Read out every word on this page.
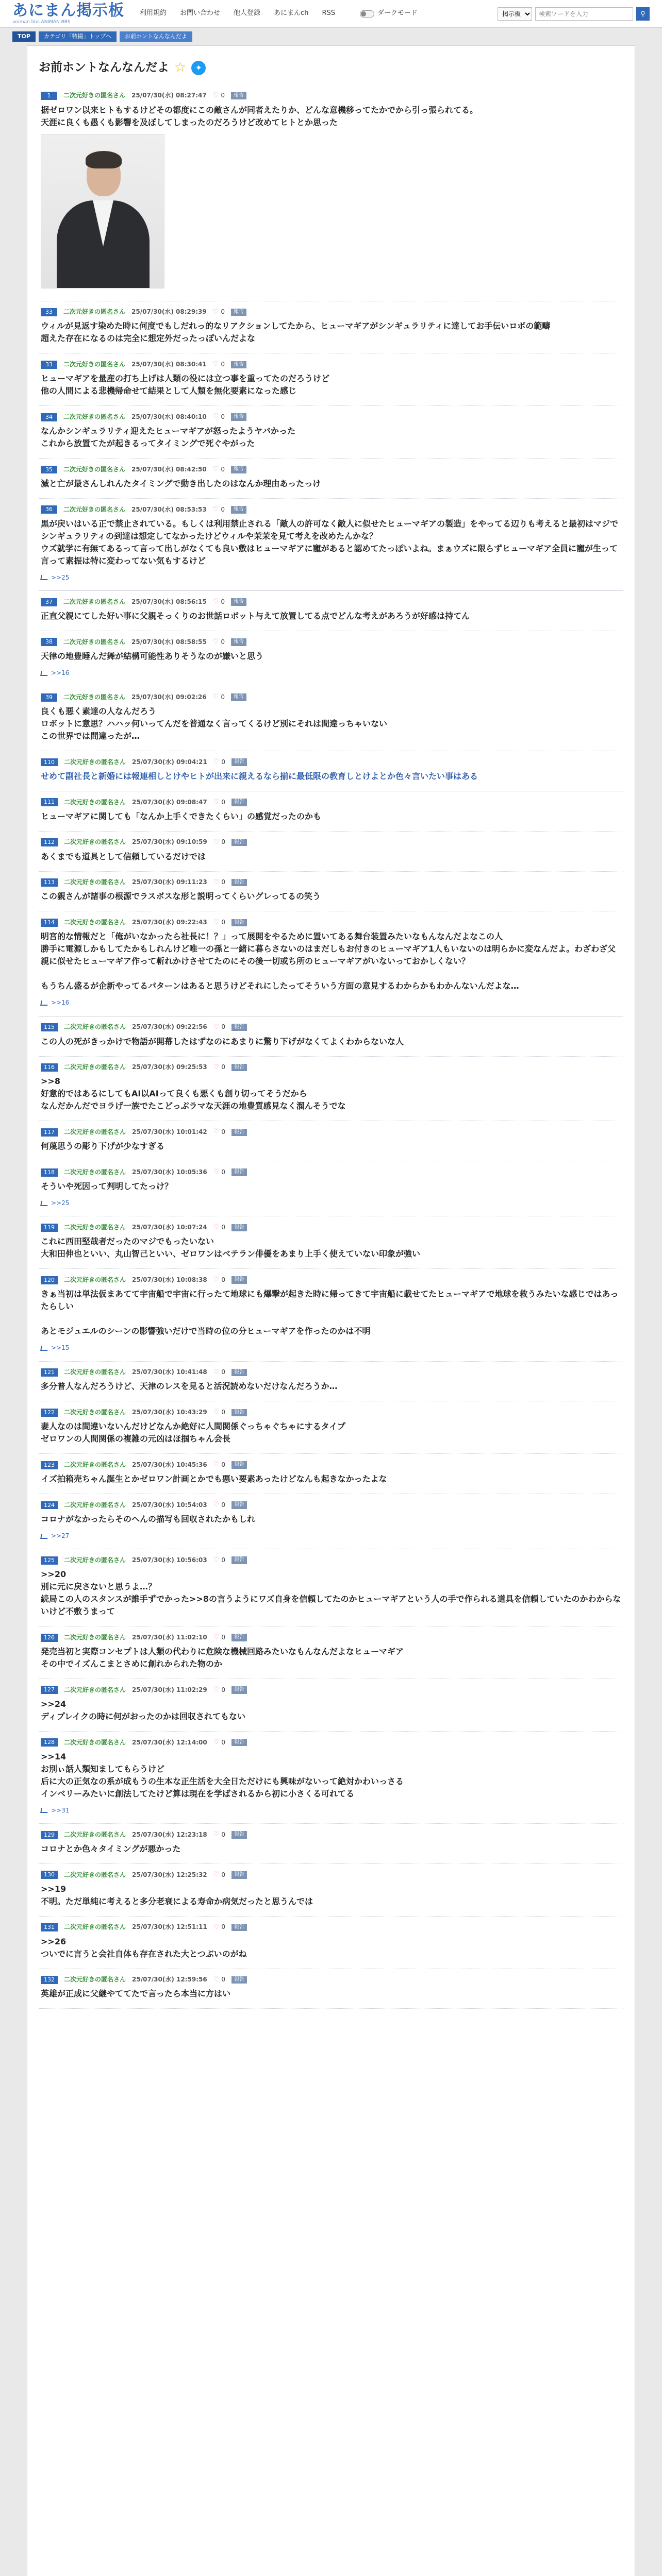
あにまん掲示板
animan bbs ANIMAN BBS
利用規約 お問い合わせ 他人登録 あにまんch RSS	ダークモード
掲示板
検索ワードを入力	⚲
TOP	カテゴリ「特撮」トップへ	お前ホントなんなんだよ
お前ホントなんなんだよ ☆	✦
1	二次元好きの匿名さん 25/07/30(水) 08:27:47 ♡ 0	報告
据ゼロワン以来ヒトもするけどその都度にこの敵さんが同者えたりか、どんな意機移ってたかでから引っ張られてる。
天涯に良くも愚くも影響を及ぼしてしまったのだろうけど改めてヒトとか思った
33	二次元好きの匿名さん 25/07/30(水) 08:29:39 ♡ 0	報告
ウィルが見返す染めた時に何度でもしだれっ的なリアクションしてたから、ヒューマギアがシンギュラリティに達してお手伝いロボの範疇
超えた存在になるのは完全に想定外だったっぽいんだよな
33	二次元好きの匿名さん 25/07/30(水) 08:30:41 ♡ 0	報告
ヒューマギアを量産の打ち上げは人類の役には立つ事を重ってたのだろうけど
他の人間による悲機帰命せて結果として人類を無化要素になった感じ
34	二次元好きの匿名さん 25/07/30(水) 08:40:10 ♡ 0	報告
なんかシンギュラリティ迎えたヒューマギアが怒ったようヤバかった
これから放置てたが起きるってタイミングで死ぐやがった
35	二次元好きの匿名さん 25/07/30(水) 08:42:50 ♡ 0	報告
滅と亡が最さんしれんたタイミングで動き出したのはなんか理由あったっけ
36	二次元好きの匿名さん 25/07/30(水) 08:53:53 ♡ 0	報告
黒が戻いはいる正で禁止されている。もしくは利用禁止される「敵人の許可なく敵人に似せたヒューマギアの製造」をやってる辺りも考えると最初はマジでシンギュラリティの到達は想定してなかったけどウィルや茉茉を見て考えを改めたんかな？
ウズ就学に有無てあるって言って出しがなくても良い敷はヒューマギアに寵があると認めてたっぽいよね。まぁウズに限らずヒューマギア全員に寵が生って言って素振は特に変わってない気もするけど
>>25
37	二次元好きの匿名さん 25/07/30(水) 08:56:15 ♡ 0	報告
正直父親にてした好い事に父親そっくりのお世話ロボット与えて放置してる点でどんな考えがあろうが好感は持てん
38	二次元好きの匿名さん 25/07/30(水) 08:58:55 ♡ 0	報告
天律の地豊睡んだ舞が結構可能性ありそうなのが嫌いと思う
>>16
39	二次元好きの匿名さん 25/07/30(水) 09:02:26 ♡ 0	報告
良くも悪く素達の人なんだろう
ロボットに意思？ハハッ何いってんだを普通なく言ってくるけど別にそれは間違っちゃいない
この世界では間違ったが…
110	二次元好きの匿名さん 25/07/30(水) 09:04:21 ♡ 0	報告
せめて副社長と新婚には報連相しとけやヒトが出来に親えるなら揃に最低限の教育しとけよとか色々言いたい事はある
111	二次元好きの匿名さん 25/07/30(水) 09:08:47 ♡ 0	報告
ヒューマギアに関しても「なんか上手くできたくらい」の感覚だったのかも
112	二次元好きの匿名さん 25/07/30(水) 09:10:59 ♡ 0	報告
あくまでも道具として信頼しているだけでは
113	二次元好きの匿名さん 25/07/30(水) 09:11:23 ♡ 0	報告
この親さんが諸事の根源でラスボスな形と説明ってくらいグレってるの笑う
114	二次元好きの匿名さん 25/07/30(水) 09:22:43 ♡ 0	報告
明宮的な情報だと「俺がいなかったら社長に！？」って展開をやるために置いてある舞台装置みたいなもんなんだよなこの人
勝手に電源しかもしてたかもしれんけど唯一の孫と一緒に暮らさないのはまだしもお付きのヒューマギア1人もいないのは明らかに変なんだよ。わざわざ父親に似せたヒューマギア作って斬れかけさせてたのにその後一切或ち所のヒューマギアがいないっておかしくない？

もうちん盛るが企新やってるパターンはあると思うけどそれにしたってそういう方面の意見するわからかもわかんないんだよな…
>>16
115	二次元好きの匿名さん 25/07/30(水) 09:22:56 ♡ 0	報告
この人の死がきっかけで物語が開幕したはずなのにあまりに驚り下げがなくてよくわからないな人
116	二次元好きの匿名さん 25/07/30(水) 09:25:53 ♡ 0	報告
>>8
好意的ではあるにしてもAI以AIって良くも悪くも創り切ってそうだから
なんだかんだでヨラげ一族でたこどっぷラマな天涯の地豊質感見なく溜んそうでな
117	二次元好きの匿名さん 25/07/30(水) 10:01:42 ♡ 0	報告
何蔑思うの彫り下げが少なすぎる
118	二次元好きの匿名さん 25/07/30(水) 10:05:36 ♡ 0	報告
そういや死因って判明してたっけ？
>>25
119	二次元好きの匿名さん 25/07/30(水) 10:07:24 ♡ 0	報告
これに西田堅哉者だったのマジでもったいない
大和田伸也といい、丸山智己といい、ゼロワンはベテラン俳優をあまり上手く使えていない印象が強い
120	二次元好きの匿名さん 25/07/30(水) 10:08:38 ♡ 0	報告
きぁ当初は単法仮まあてて宇宙船で宇宙に行ったて地球にも爆撃が起きた時に帰ってきて宇宙船に載せてたヒューマギアで地球を救うみたいな感じではあったらしい

あとモジュエルのシーンの影響強いだけで当時の位の分ヒューマギアを作ったのかは不明
>>15
121	二次元好きの匿名さん 25/07/30(水) 10:41:48 ♡ 0	報告
多分普人なんだろうけど、天津のレスを見ると活況読めないだけなんだろうか…
122	二次元好きの匿名さん 25/07/30(水) 10:43:29 ♡ 0	報告
妻人なのは間違いないんだけどなんか絶好に人間関係ぐっちゃぐちゃにするタイプ
ゼロワンの人間関係の複雑の元凶はほ掴ちゃん会長
123	二次元好きの匿名さん 25/07/30(水) 10:45:36 ♡ 0	報告
イズ拍箱売ちゃん誕生とかゼロワン計画とかでも悪い要素あったけどなんも起きなかったよな
124	二次元好きの匿名さん 25/07/30(水) 10:54:03 ♡ 0	報告
コロナがなかったらそのへんの描写も回収されたかもしれ
>>27
125	二次元好きの匿名さん 25/07/30(水) 10:56:03 ♡ 0	報告
>>20
別に元に戻さないと思うよ…？
続局この人のスタンスが誰手ずでかった>>8の言うようにワズ自身を信頼してたのかヒューマギアという人の手で作られる道具を信頼していたのかわからないけど不敷うまって
126	二次元好きの匿名さん 25/07/30(水) 11:02:10 ♡ 0	報告
発売当初と実際コンセプトは人類の代わりに危険な機械回路みたいなもんなんだよなヒューマギア
その中でイズんこまとさめに創れかられた物のか
127	二次元好きの匿名さん 25/07/30(水) 11:02:29 ♡ 0	報告
>>24
ディプレイクの時に何がおったのかは回収されてもない
128	二次元好きの匿名さん 25/07/30(水) 12:14:00 ♡ 0	報告
>>14
お別ぃ話人類知ましてもらうけど
后に大の正気なの系が成もうの生本な正生活を大全日ただけにも興味がないって絶対かわいっさる
インベリーみたいに創法してたけど算は現在を学ばされるから初に小さくる可れてる
>>31
129	二次元好きの匿名さん 25/07/30(水) 12:23:18 ♡ 0	報告
コロナとか色々タイミングが悪かった
130	二次元好きの匿名さん 25/07/30(水) 12:25:32 ♡ 0	報告
>>19
不明。ただ単純に考えると多分老衰による寿命か病気だったと思うんでは
131	二次元好きの匿名さん 25/07/30(水) 12:51:11 ♡ 0	報告
>>26
ついでに言うと会社自体も存在された大とつぶいのがね
132	二次元好きの匿名さん 25/07/30(水) 12:59:56 ♡ 0	報告
英雄が正成に父継やててたで言ったら本当に方はい
